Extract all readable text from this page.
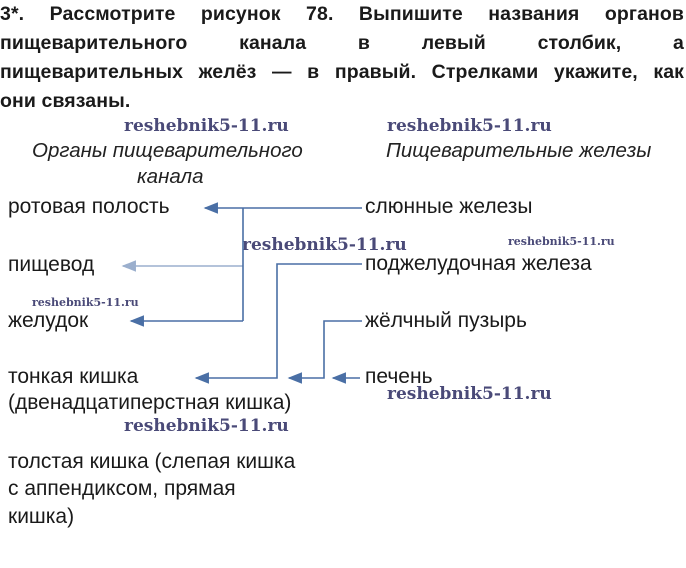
3*. Рассмотрите рисунок 78. Выпишите названия органов
пищеварительного канала в левый столбик, а
пищеварительных желёз — в правый. Стрелками укажите, как
они связаны.
reshebnik5-11.ru	reshebnik5-11.ru
reshebnik5-11.ru	reshebnik5-11.ru
reshebnik5-11.ru
reshebnik5-11.ru
reshebnik5-11.ru
Органы пищеварительного
канала
Пищеварительные железы
ротовая полость
пищевод
желудок
тонкая кишка
(двенадцатиперстная кишка)
толстая кишка (слепая кишка
с аппендиксом, прямая
кишка)
слюнные железы
поджелудочная железа
жёлчный пузырь
печень
